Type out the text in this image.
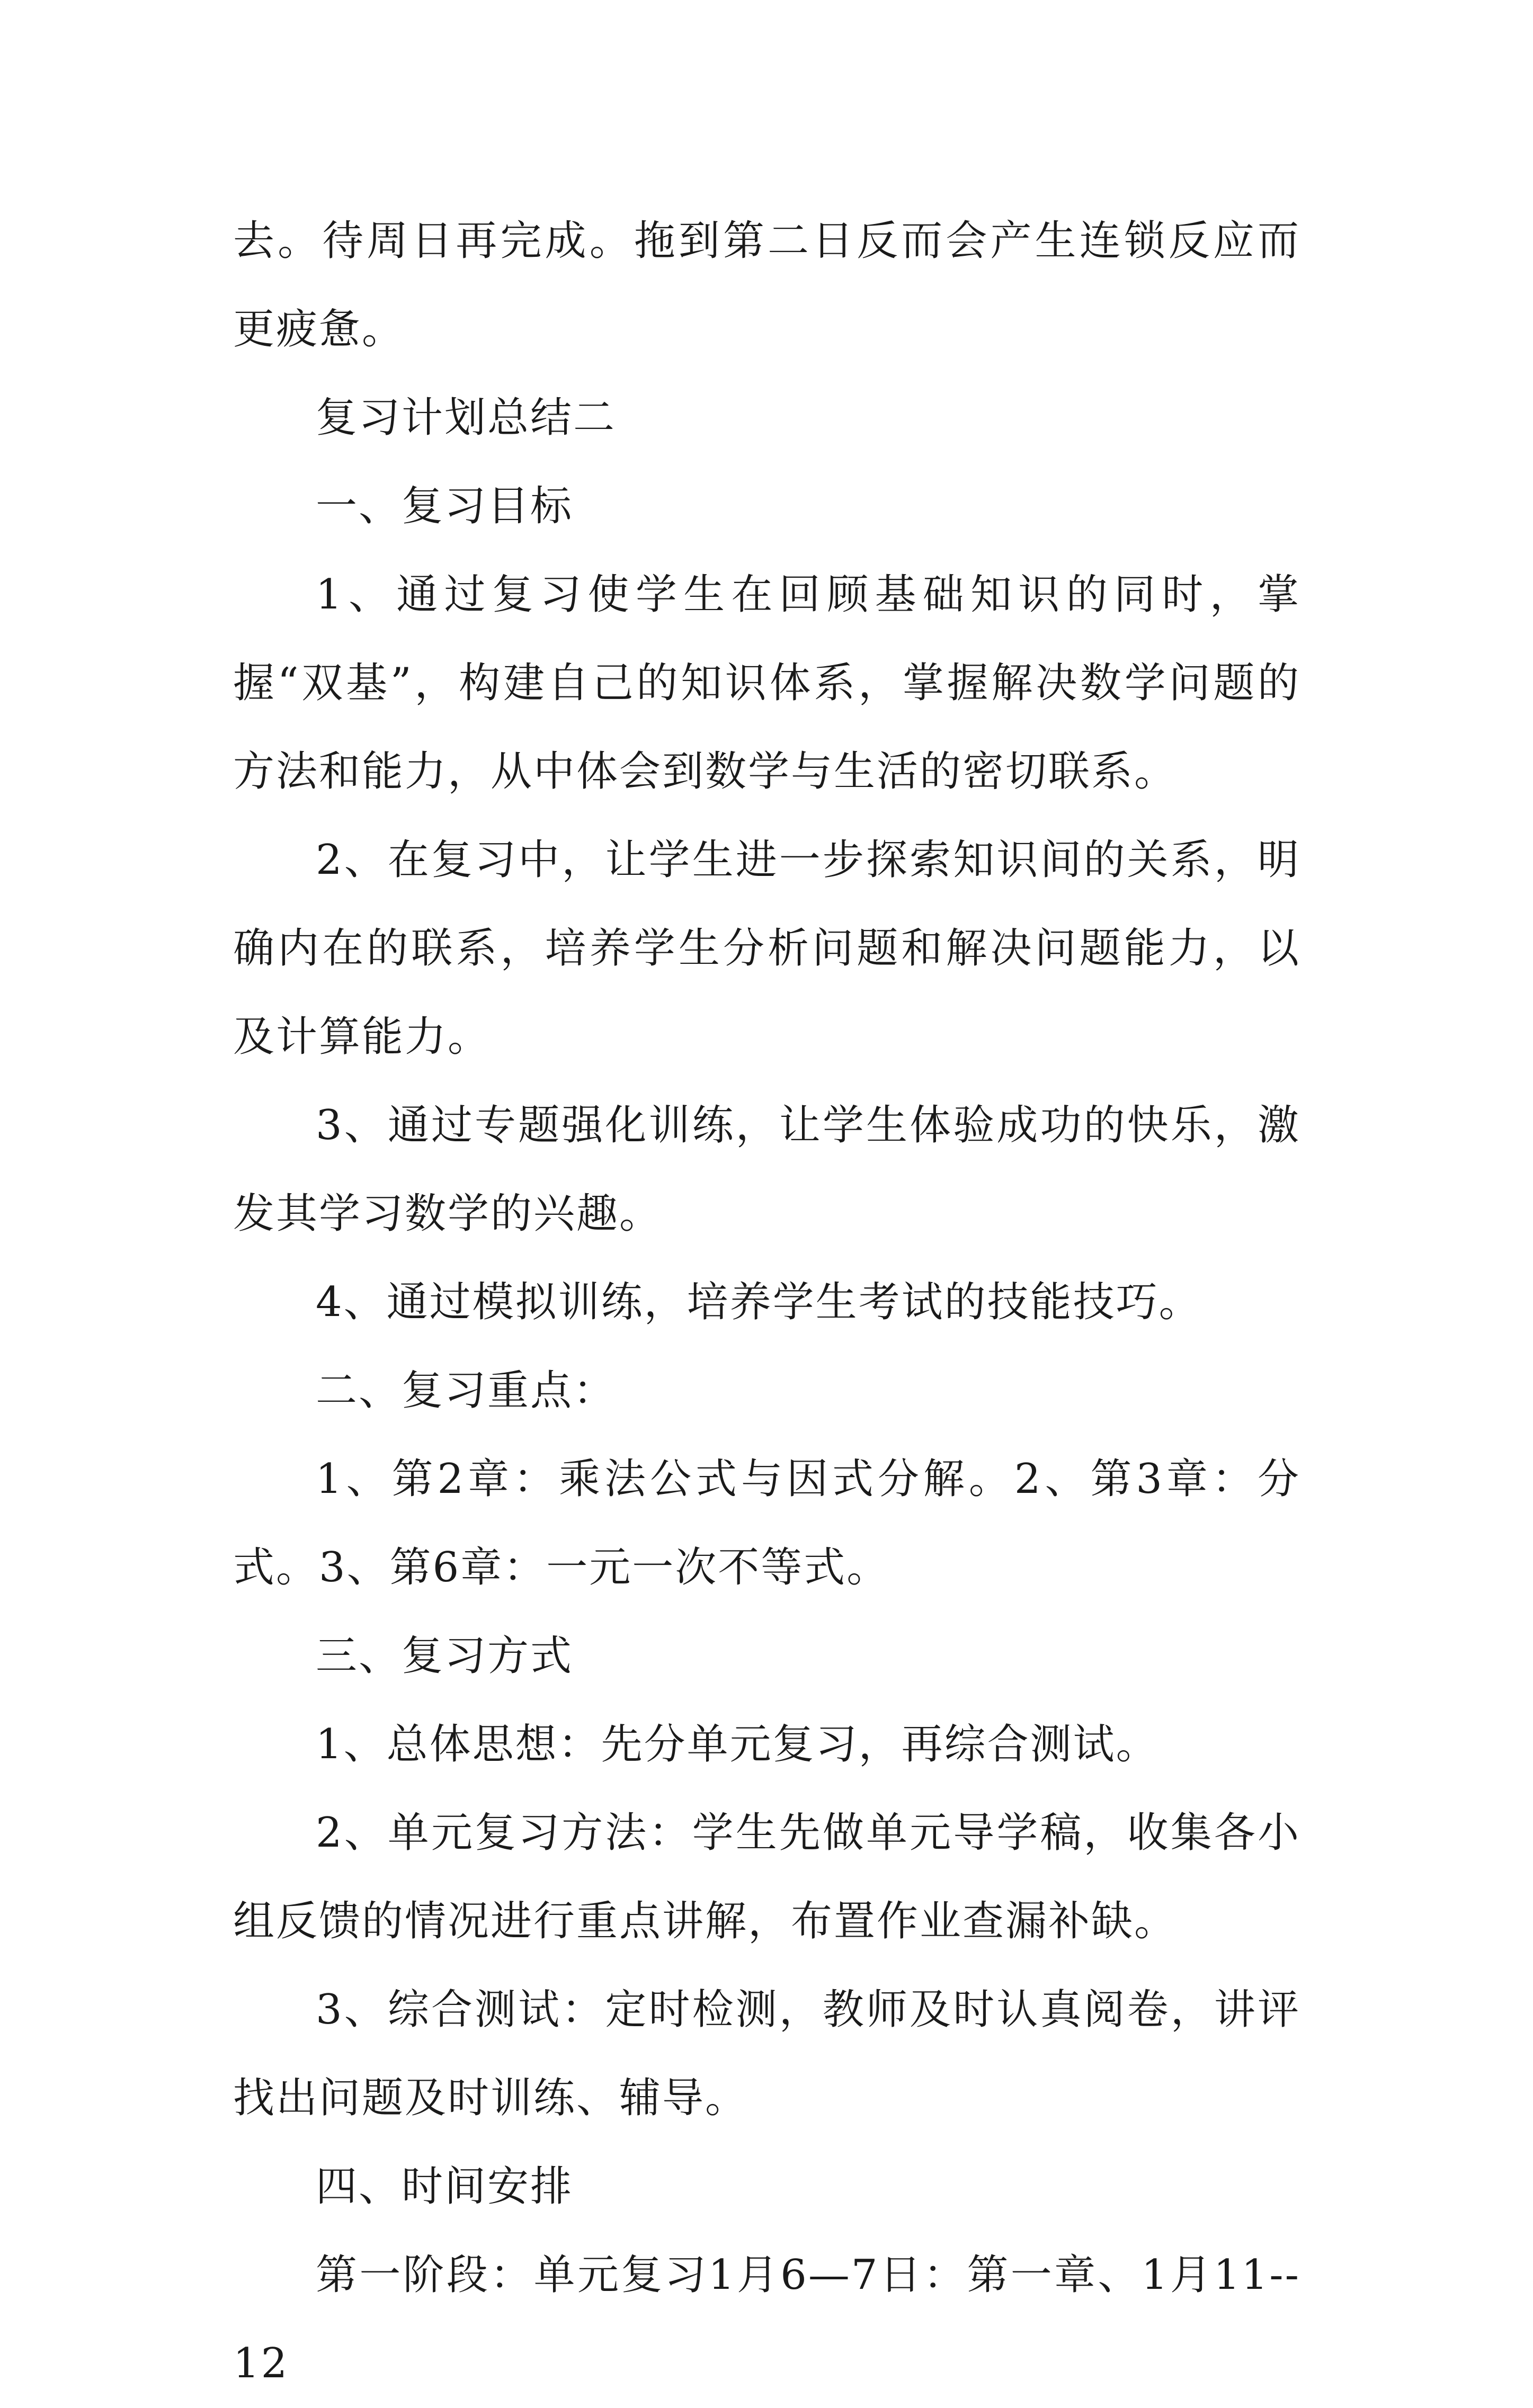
去。待周日再完成。拖到第二日反而会产生连锁反应而更疲惫。

复习计划总结二

一、复习目标

1、通过复习使学生在回顾基础知识的同时，掌握“双基”，构建自己的知识体系，掌握解决数学问题的方法和能力，从中体会到数学与生活的密切联系。

2、在复习中，让学生进一步探索知识间的关系，明确内在的联系，培养学生分析问题和解决问题能力，以及计算能力。

3、通过专题强化训练，让学生体验成功的快乐，激发其学习数学的兴趣。

4、通过模拟训练，培养学生考试的技能技巧。

二、复习重点：

1、第2章：乘法公式与因式分解。2、第3章：分式。3、第6章：一元一次不等式。

三、复习方式

1、总体思想：先分单元复习，再综合测试。

2、单元复习方法：学生先做单元导学稿，收集各小组反馈的情况进行重点讲解，布置作业查漏补缺。

3、综合测试：定时检测，教师及时认真阅卷，讲评找出问题及时训练、辅导。

四、时间安排

第一阶段：单元复习1月6—7日：第一章、1月11--12
